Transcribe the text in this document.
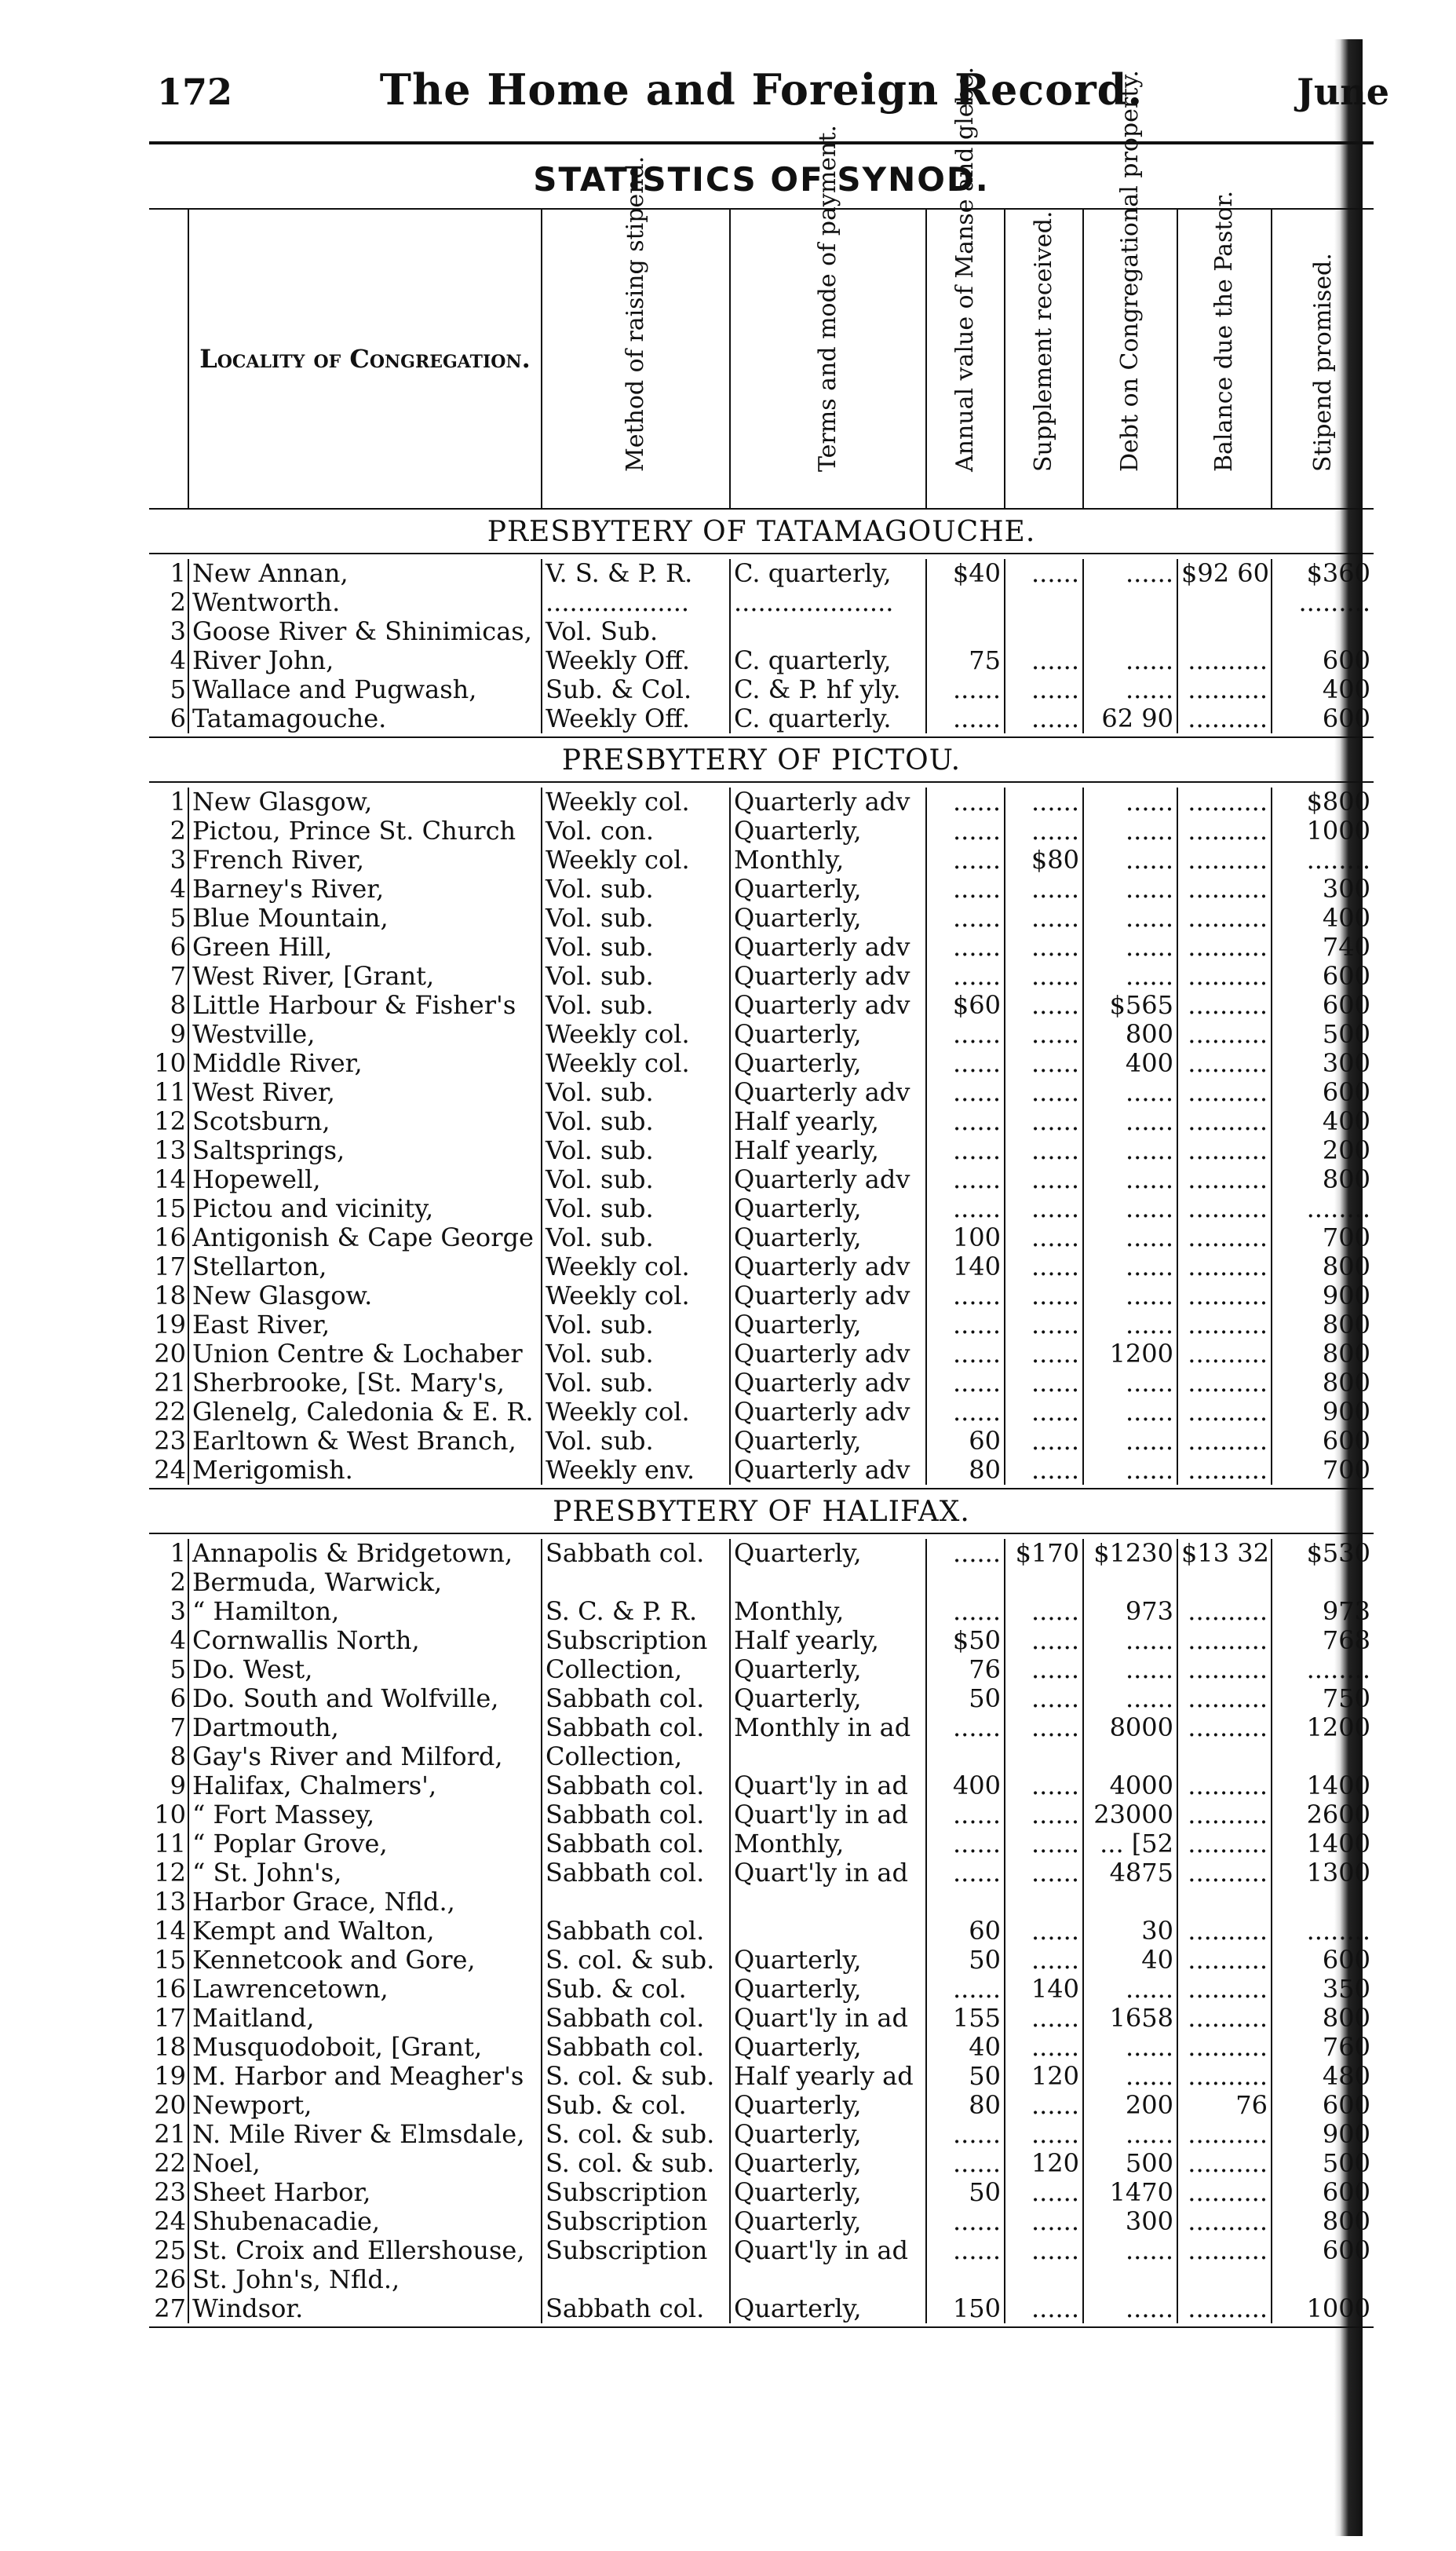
172	The Home and Foreign Record.	June
STATISTICS OF SYNOD.
	Locality of Congregation.	Method of raising stipend.	Terms and mode of payment.	Annual value of Manse and glebe.	Supplement received.	Debt on Congregational property.	Balance due the Pastor.	Stipend promised.
PRESBYTERY OF TATAMAGOUCHE.
1	New Annan,	V. S. & P. R.	C. quarterly,	$40	......	......	$92 60	$360
2	Wentworth.	..................	....................					.........
3	Goose River & Shinimicas,	Vol. Sub.						
4	River John,	Weekly Off.	C. quarterly,	75	......	......	..........	600
5	Wallace and Pugwash,	Sub. & Col.	C. & P. hf yly.	......	......	......	..........	400
6	Tatamagouche.	Weekly Off.	C. quarterly.	......	......	62 90	..........	600
PRESBYTERY OF PICTOU.
1	New Glasgow,	Weekly col.	Quarterly adv	......	......	......	..........	$800
2	Pictou, Prince St. Church	Vol. con.	Quarterly,	......	......	......	..........	1000
3	French River,	Weekly col.	Monthly,	......	$80	......	..........	........
4	Barney's River,	Vol. sub.	Quarterly,	......	......	......	..........	300
5	Blue Mountain,	Vol. sub.	Quarterly,	......	......	......	..........	400
6	Green Hill,	Vol. sub.	Quarterly adv	......	......	......	..........	740
7	West River, [Grant,	Vol. sub.	Quarterly adv	......	......	......	..........	600
8	Little Harbour & Fisher's	Vol. sub.	Quarterly adv	$60	......	$565	..........	600
9	Westville,	Weekly col.	Quarterly,	......	......	800	..........	500
10	Middle River,	Weekly col.	Quarterly,	......	......	400	..........	300
11	West River,	Vol. sub.	Quarterly adv	......	......	......	..........	600
12	Scotsburn,	Vol. sub.	Half yearly,	......	......	......	..........	400
13	Saltsprings,	Vol. sub.	Half yearly,	......	......	......	..........	200
14	Hopewell,	Vol. sub.	Quarterly adv	......	......	......	..........	800
15	Pictou and vicinity,	Vol. sub.	Quarterly,	......	......	......	..........	........
16	Antigonish & Cape George	Vol. sub.	Quarterly,	100	......	......	..........	700
17	Stellarton,	Weekly col.	Quarterly adv	140	......	......	..........	800
18	New Glasgow.	Weekly col.	Quarterly adv	......	......	......	..........	900
19	East River,	Vol. sub.	Quarterly,	......	......	......	..........	800
20	Union Centre & Lochaber	Vol. sub.	Quarterly adv	......	......	1200	..........	800
21	Sherbrooke, [St. Mary's,	Vol. sub.	Quarterly adv	......	......	......	..........	800
22	Glenelg, Caledonia & E. R.	Weekly col.	Quarterly adv	......	......	......	..........	900
23	Earltown & West Branch,	Vol. sub.	Quarterly,	60	......	......	..........	600
24	Merigomish.	Weekly env.	Quarterly adv	80	......	......	..........	700
PRESBYTERY OF HALIFAX.
1	Annapolis & Bridgetown,	Sabbath col.	Quarterly,	......	$170	$1230	$13 32	$530
2	Bermuda, Warwick,							
3	“ Hamilton,	S. C. & P. R.	Monthly,	......	......	973	..........	973
4	Cornwallis North,	Subscription	Half yearly,	$50	......	......	..........	768
5	Do. West,	Collection,	Quarterly,	76	......	......	..........	........
6	Do. South and Wolfville,	Sabbath col.	Quarterly,	50	......	......	..........	750
7	Dartmouth,	Sabbath col.	Monthly in ad	......	......	8000	..........	1200
8	Gay's River and Milford,	Collection,						
9	Halifax, Chalmers',	Sabbath col.	Quart'ly in ad	400	......	4000	..........	1400
10	“ Fort Massey,	Sabbath col.	Quart'ly in ad	......	......	23000	..........	2600
11	“ Poplar Grove,	Sabbath col.	Monthly,	......	......	... [52	..........	1400
12	“ St. John's,	Sabbath col.	Quart'ly in ad	......	......	4875	..........	1300
13	Harbor Grace, Nfld.,							
14	Kempt and Walton,	Sabbath col.		60	......	30	..........	........
15	Kennetcook and Gore,	S. col. & sub.	Quarterly,	50	......	40	..........	600
16	Lawrencetown,	Sub. & col.	Quarterly,	......	140	......	..........	350
17	Maitland,	Sabbath col.	Quart'ly in ad	155	......	1658	..........	800
18	Musquodoboit, [Grant,	Sabbath col.	Quarterly,	40	......	......	..........	760
19	M. Harbor and Meagher's	S. col. & sub.	Half yearly ad	50	120	......	..........	480
20	Newport,	Sub. & col.	Quarterly,	80	......	200	76	600
21	N. Mile River & Elmsdale,	S. col. & sub.	Quarterly,	......	......	......	..........	900
22	Noel,	S. col. & sub.	Quarterly,	......	120	500	..........	500
23	Sheet Harbor,	Subscription	Quarterly,	50	......	1470	..........	600
24	Shubenacadie,	Subscription	Quarterly,	......	......	300	..........	800
25	St. Croix and Ellershouse,	Subscription	Quart'ly in ad	......	......	......	..........	600
26	St. John's, Nfld.,							
27	Windsor.	Sabbath col.	Quarterly,	150	......	......	..........	1000
